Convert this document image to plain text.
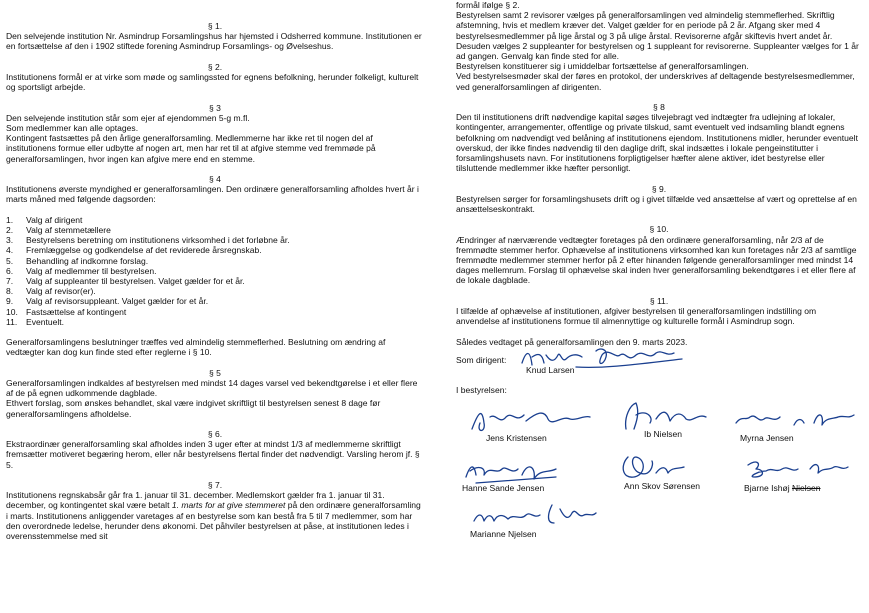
§ 1.

Den selvejende institution Nr. Asmindrup Forsamlingshus har hjemsted i Odsherred kommune. Institutionen er en fortsættelse af den i 1902 stiftede forening Asmindrup Forsamlings- og Øvelseshus.

§ 2.

Institutionens formål er at virke som møde og samlingssted for egnens befolkning, herunder folkeligt, kulturelt og sportsligt arbejde.

§ 3

Den selvejende institution står som ejer af ejendommen 5-g m.fl.

Som medlemmer kan alle optages.

Kontingent fastsættes på den årlige generalforsamling. Medlemmerne har ikke ret til nogen del af institutionens formue eller udbytte af nogen art, men har ret til at afgive stemme ved fremmøde på generalforsamlingen, hvor ingen kan afgive mere end en stemme.

§ 4

Institutionens øverste myndighed er generalforsamlingen. Den ordinære generalforsamling afholdes hvert år i marts måned med følgende dagsorden:

1.	Valg af dirigent
2.	Valg af stemmetællere
3.	Bestyrelsens beretning om institutionens virksomhed i det forløbne år.
4.	Fremlæggelse og godkendelse af det reviderede årsregnskab.
5.	Behandling af indkomne forslag.
6.	Valg af medlemmer til bestyrelsen.
7.	Valg af suppleanter til bestyrelsen. Valget gælder for et år.
8.	Valg af revisor(er).
9.	Valg af revisorsuppleant. Valget gælder for et år.
10. Fastsættelse af kontingent
11.	Eventuelt.

Generalforsamlingens beslutninger træffes ved almindelig stemmeflerhed. Beslutning om ændring af vedtægter kan dog kun finde sted efter reglerne i § 10.

§ 5

Generalforsamlingen indkaldes af bestyrelsen med mindst 14 dages varsel ved bekendtgørelse i et eller flere af de på egnen udkommende dagblade.

Ethvert forslag, som ønskes behandlet, skal være indgivet skriftligt til bestyrelsen senest 8 dage før generalforsamlingens afholdelse.

§ 6.

Ekstraordinær generalforsamling skal afholdes inden 3 uger efter at mindst 1/3 af medlemmerne skriftligt fremsætter motiveret begæring herom, eller når bestyrelsens flertal finder det nødvendigt. Varsling herom jf. § 5.

§ 7.

Institutionens regnskabsår går fra 1. januar til 31. december. Medlemskort gælder fra 1. januar til 31. december, og kontingentet skal være betalt 1. marts for at give stemmeret på den ordinære generalforsamling i marts. Institutionens anliggender varetages af en bestyrelse som kan bestå fra 5 til 7 medlemmer, som har den overordnede ledelse, herunder dens økonomi. Det påhviler bestyrelsen at påse, at institutionen ledes i overensstemmelse med sit

formål ifølge § 2.

Bestyrelsen samt 2 revisorer vælges på generalforsamlingen ved almindelig stemmeflerhed. Skriftlig afstemning, hvis et medlem kræver det. Valget gælder for en periode på 2 år. Afgang sker med 4 bestyrelsesmedlemmer på lige årstal og 3 på ulige årstal. Revisorerne afgår skiftevis hvert andet år. Desuden vælges 2 suppleanter for bestyrelsen og 1 suppleant for revisorerne. Suppleanter vælges for 1 år ad gangen. Genvalg kan finde sted for alle.

Bestyrelsen konstituerer sig i umiddelbar fortsættelse af generalforsamlingen.

Ved bestyrelsesmøder skal der føres en protokol, der underskrives af deltagende bestyrelsesmedlemmer, ved generalforsamlingen af dirigenten.

§ 8

Den til institutionens drift nødvendige kapital søges tilvejebragt ved indtægter fra udlejning af lokaler, kontingenter, arrangementer, offentlige og private tilskud, samt eventuelt ved indsamling blandt egnens befolkning om nødvendigt ved belåning af institutionens ejendom. Institutionens midler, herunder eventuelt overskud, der ikke findes nødvendig til den daglige drift, skal indsættes i lokale pengeinstitutter i forsamlingshusets navn. For institutionens forpligtigelser hæfter alene aktiver, idet bestyrelse eller tilsluttende medlemmer ikke hæfter personligt.

§ 9.

Bestyrelsen sørger for forsamlingshusets drift og i givet tilfælde ved ansættelse af vært og oprettelse af en ansættelseskontrakt.

§ 10.

Ændringer af nærværende vedtægter foretages på den ordinære generalforsamling, når 2/3 af de fremmødte stemmer herfor. Ophævelse af institutionens virksomhed kan kun foretages når 2/3 af samtlige fremmødte medlemmer stemmer herfor på 2 efter hinanden følgende generalforsamlinger med mindst 14 dages mellemrum. Forslag til ophævelse skal inden hver generalforsamling bekendtgøres i et eller flere af de lokale dagblade.

§ 11.

I tilfælde af ophævelse af institutionen, afgiver bestyrelsen til generalforsamlingen indstilling om anvendelse af institutionens formue til almennyttige og kulturelle formål i Asmindrup sogn.

Således vedtaget på generalforsamlingen den 9. marts 2023.

Som dirigent:
Knud Larsen

I bestyrelsen:

Jens Kristensen	Ib Nielsen	Myrna Jensen
Hanne Sande Jensen	Ann Skov Sørensen	Bjarne Ishøj Nielsen
Marianne Njelsen
